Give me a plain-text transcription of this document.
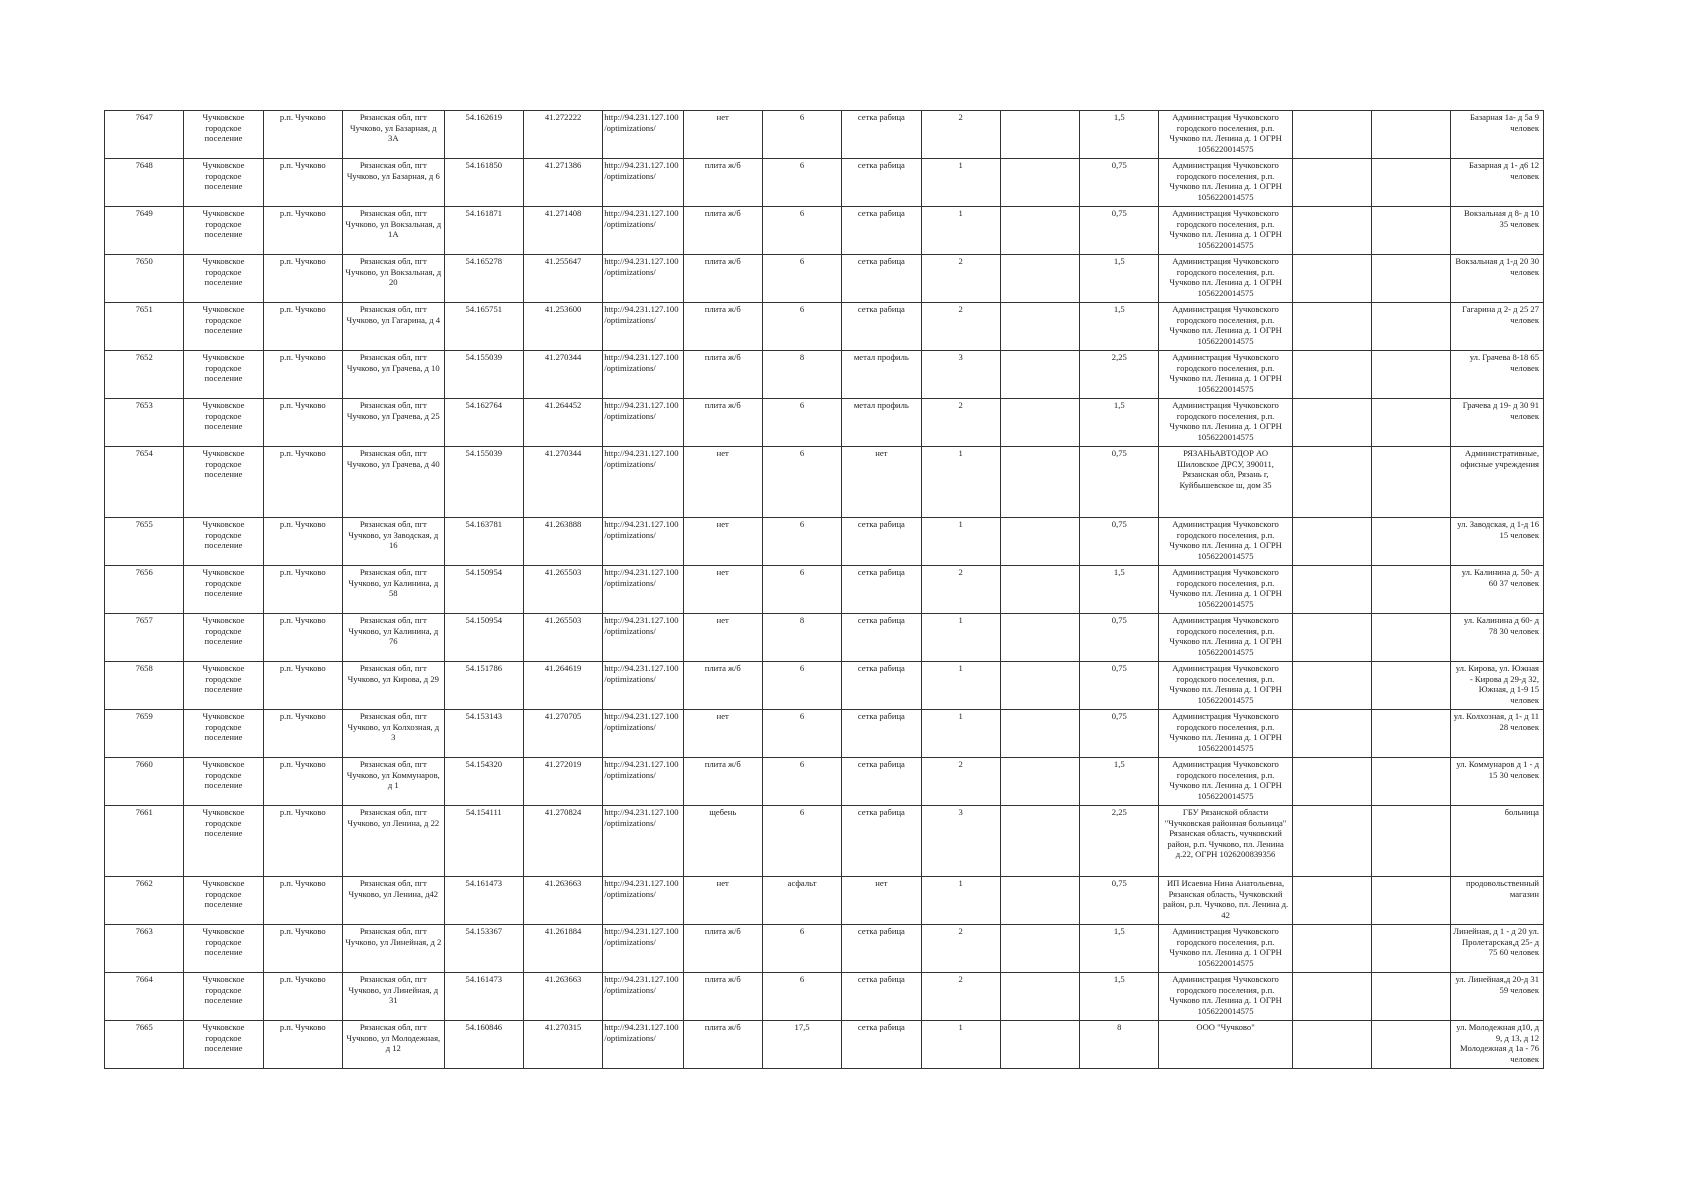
7647	Чучковское городское поселение	р.п. Чучково	Рязанская обл, пгт Чучково, ул Базарная, д 3А	54.162619	41.272222	http://94.231.127.100/optimizations/	нет	6	сетка рабица	2		1,5	Администрация Чучковского городского поселения, р.п. Чучково пл. Ленина д. 1 ОГРН 1056220014575			Базарная 1а- д 5а 9 человек
7648	Чучковское городское поселение	р.п. Чучково	Рязанская обл, пгт Чучково, ул Базарная, д 6	54.161850	41.271386	http://94.231.127.100/optimizations/	плита ж/б	6	сетка рабица	1		0,75	Администрация Чучковского городского поселения, р.п. Чучково пл. Ленина д. 1 ОГРН 1056220014575			Базарная д 1- д6 12 человек
7649	Чучковское городское поселение	р.п. Чучково	Рязанская обл, пгт Чучково, ул Вокзальная, д 1А	54.161871	41.271408	http://94.231.127.100/optimizations/	плита ж/б	6	сетка рабица	1		0,75	Администрация Чучковского городского поселения, р.п. Чучково пл. Ленина д. 1 ОГРН 1056220014575			Вокзальная д 8- д 10 35 человек
7650	Чучковское городское поселение	р.п. Чучково	Рязанская обл, пгт Чучково, ул Вокзальная, д 20	54.165278	41.255647	http://94.231.127.100/optimizations/	плита ж/б	6	сетка рабица	2		1,5	Администрация Чучковского городского поселения, р.п. Чучково пл. Ленина д. 1 ОГРН 1056220014575			Вокзальная д 1-д 20 30 человек
7651	Чучковское городское поселение	р.п. Чучково	Рязанская обл, пгт Чучково, ул Гагарина, д 4	54.165751	41.253600	http://94.231.127.100/optimizations/	плита ж/б	6	сетка рабица	2		1,5	Администрация Чучковского городского поселения, р.п. Чучково пл. Ленина д. 1 ОГРН 1056220014575			Гагарина д 2- д 25 27 человек
7652	Чучковское городское поселение	р.п. Чучково	Рязанская обл, пгт Чучково, ул Грачева, д 10	54.155039	41.270344	http://94.231.127.100/optimizations/	плита ж/б	8	метал профиль	3		2,25	Администрация Чучковского городского поселения, р.п. Чучково пл. Ленина д. 1 ОГРН 1056220014575			ул. Грачева 8-18 65 человек
7653	Чучковское городское поселение	р.п. Чучково	Рязанская обл, пгт Чучково, ул Грачева, д 25	54.162764	41.264452	http://94.231.127.100/optimizations/	плита ж/б	6	метал профиль	2		1,5	Администрация Чучковского городского поселения, р.п. Чучково пл. Ленина д. 1 ОГРН 1056220014575			Грачева д 19- д 30 91 человек
7654	Чучковское городское поселение	р.п. Чучково	Рязанская обл, пгт Чучково, ул Грачева, д 40	54.155039	41.270344	http://94.231.127.100/optimizations/	нет	6	нет	1		0,75	РЯЗАНЬАВТОДОР АО Шиловское ДРСУ, 390011, Рязанская обл, Рязань г, Куйбышевское ш, дом 35			Административные, офисные учреждения
7655	Чучковское городское поселение	р.п. Чучково	Рязанская обл, пгт Чучково, ул Заводская, д 16	54.163781	41.263888	http://94.231.127.100/optimizations/	нет	6	сетка рабица	1		0,75	Администрация Чучковского городского поселения, р.п. Чучково пл. Ленина д. 1 ОГРН 1056220014575			ул. Заводская, д 1-д 16 15 человек
7656	Чучковское городское поселение	р.п. Чучково	Рязанская обл, пгт Чучково, ул Калинина, д 58	54.150954	41.265503	http://94.231.127.100/optimizations/	нет	6	сетка рабица	2		1,5	Администрация Чучковского городского поселения, р.п. Чучково пл. Ленина д. 1 ОГРН 1056220014575			ул. Калинина д. 50- д 60 37 человек
7657	Чучковское городское поселение	р.п. Чучково	Рязанская обл, пгт Чучково, ул Калинина, д 76	54.150954	41.265503	http://94.231.127.100/optimizations/	нет	8	сетка рабица	1		0,75	Администрация Чучковского городского поселения, р.п. Чучково пл. Ленина д. 1 ОГРН 1056220014575			ул. Калинина д 60- д 78 30 человек
7658	Чучковское городское поселение	р.п. Чучково	Рязанская обл, пгт Чучково, ул Кирова, д 29	54.151786	41.264619	http://94.231.127.100/optimizations/	плита ж/б	6	сетка рабица	1		0,75	Администрация Чучковского городского поселения, р.п. Чучково пл. Ленина д. 1 ОГРН 1056220014575			ул. Кирова, ул. Южная - Кирова д 29-д 32, Южная, д 1-9 15 человек
7659	Чучковское городское поселение	р.п. Чучково	Рязанская обл, пгт Чучково, ул Колхозная, д 3	54.153143	41.270705	http://94.231.127.100/optimizations/	нет	6	сетка рабица	1		0,75	Администрация Чучковского городского поселения, р.п. Чучково пл. Ленина д. 1 ОГРН 1056220014575			ул. Колхозная, д 1- д 11 28 человек
7660	Чучковское городское поселение	р.п. Чучково	Рязанская обл, пгт Чучково, ул Коммунаров, д 1	54.154320	41.272019	http://94.231.127.100/optimizations/	плита ж/б	6	сетка рабица	2		1,5	Администрация Чучковского городского поселения, р.п. Чучково пл. Ленина д. 1 ОГРН 1056220014575			ул. Коммунаров д 1 - д 15 30 человек
7661	Чучковское городское поселение	р.п. Чучково	Рязанская обл, пгт Чучково, ул Ленина, д 22	54.154111	41.270824	http://94.231.127.100/optimizations/	щебень	6	сетка рабица	3		2,25	ГБУ Рязанской области "Чучковская районная больница" Рязанская область, чучковский район, р.п. Чучково, пл. Ленина д.22, ОГРН 1026200839356			больница
7662	Чучковское городское поселение	р.п. Чучково	Рязанская обл, пгт Чучково, ул Ленина, д42	54.161473	41.263663	http://94.231.127.100/optimizations/	нет	асфальт	нет	1		0,75	ИП Исаевна Нина Анатольевна, Рязанская область, Чучковский район, р.п. Чучково, пл. Ленина д. 42			продовольственный магазин
7663	Чучковское городское поселение	р.п. Чучково	Рязанская обл, пгт Чучково, ул Линейная, д 2	54.153367	41.261884	http://94.231.127.100/optimizations/	плита ж/б	6	сетка рабица	2		1,5	Администрация Чучковского городского поселения, р.п. Чучково пл. Ленина д. 1 ОГРН 1056220014575			Линейная, д 1 - д 20 ул. Пролетарская,д 25- д 75 60 человек
7664	Чучковское городское поселение	р.п. Чучково	Рязанская обл, пгт Чучково, ул Линейная, д 31	54.161473	41.263663	http://94.231.127.100/optimizations/	плита ж/б	6	сетка рабица	2		1,5	Администрация Чучковского городского поселения, р.п. Чучково пл. Ленина д. 1 ОГРН 1056220014575			ул. Линейная,д 20-д 31 59 человек
7665	Чучковское городское поселение	р.п. Чучково	Рязанская обл, пгт Чучково, ул Молодежная, д 12	54.160846	41.270315	http://94.231.127.100/optimizations/	плита ж/б	17,5	сетка рабица	1		8	ООО "Чучково"			ул. Молодежная д10, д 9, д 13, д 12 Молодежная д 1а - 76 человек
